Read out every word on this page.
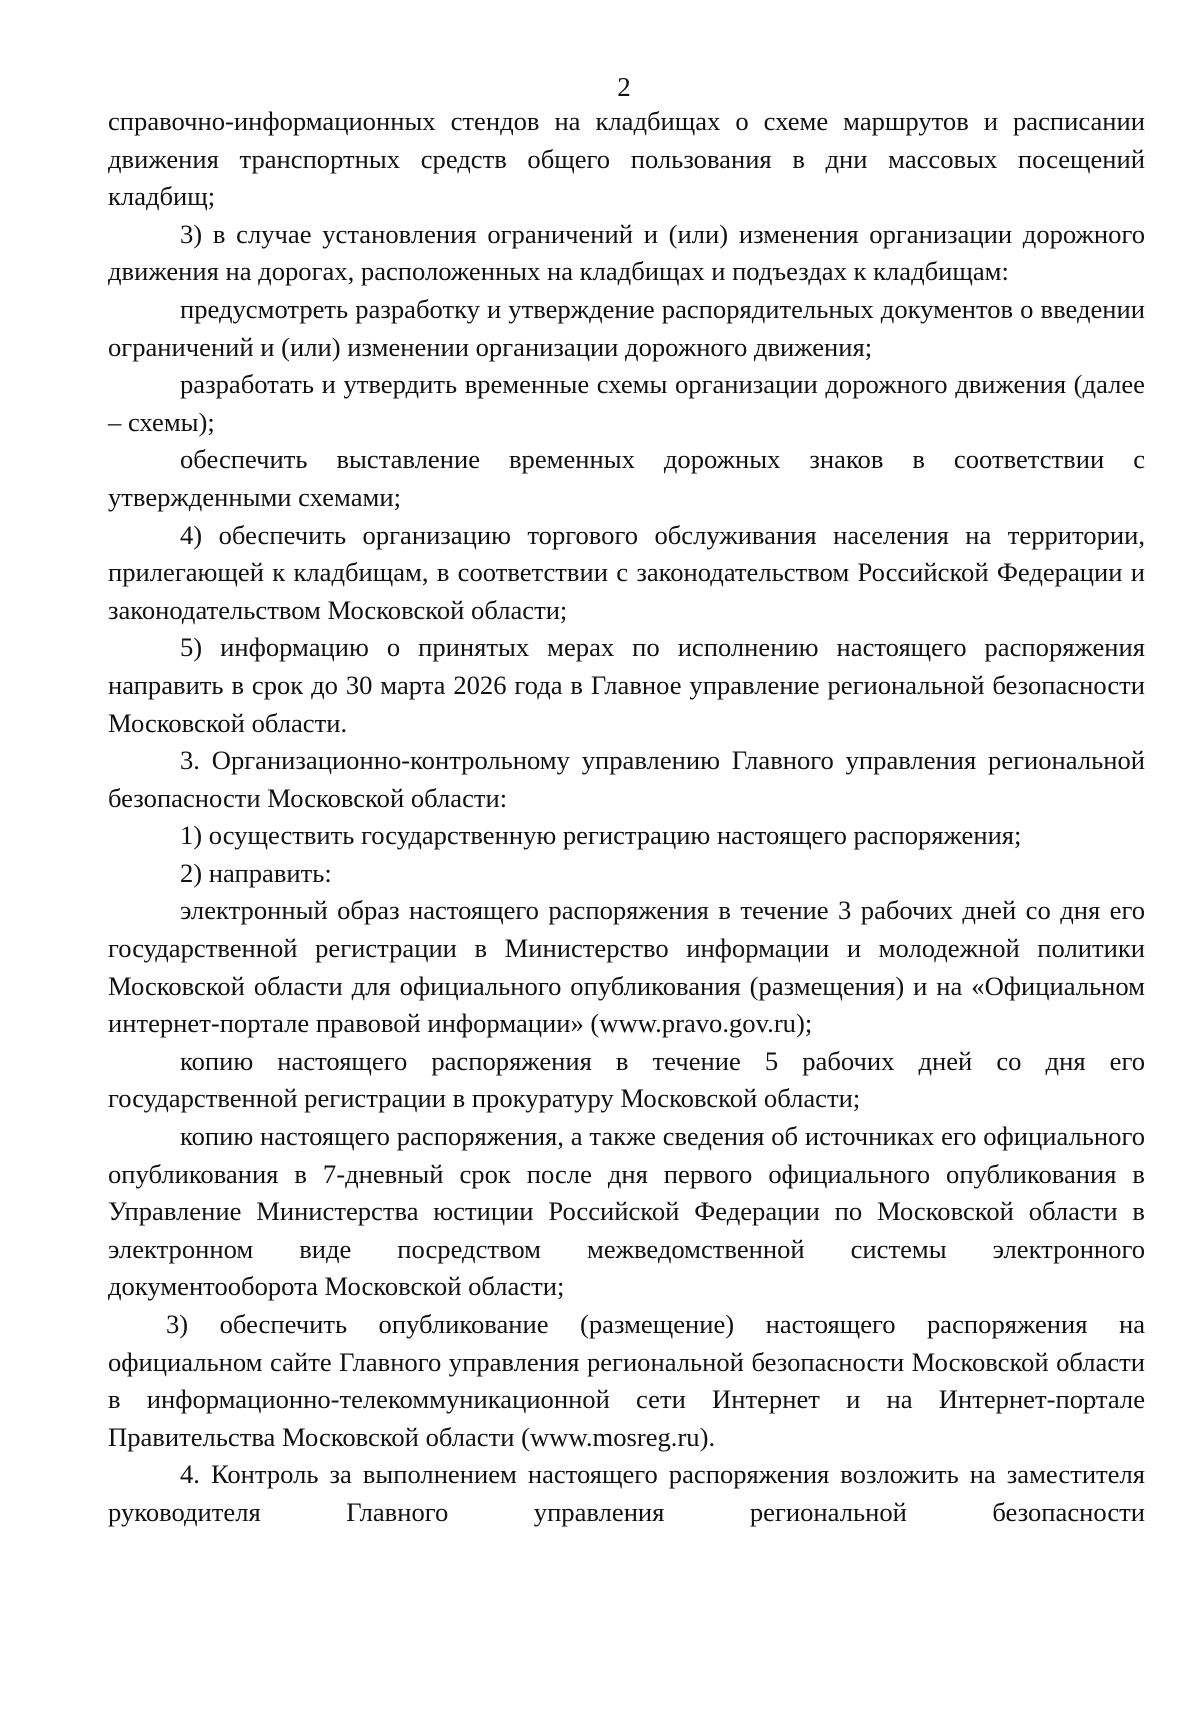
2

справочно-информационных стендов на кладбищах о схеме маршрутов и расписании движения транспортных средств общего пользования в дни массовых посещений кладбищ;

3) в случае установления ограничений и (или) изменения организации дорожного движения на дорогах, расположенных на кладбищах и подъездах к кладбищам:

предусмотреть разработку и утверждение распорядительных документов о введении ограничений и (или) изменении организации дорожного движения;

разработать и утвердить временные схемы организации дорожного движения (далее – схемы);

обеспечить выставление временных дорожных знаков в соответствии с утвержденными схемами;

4) обеспечить организацию торгового обслуживания населения на территории, прилегающей к кладбищам, в соответствии с законодательством Российской Федерации и законодательством Московской области;

5) информацию о принятых мерах по исполнению настоящего распоряжения направить в срок до 30 марта 2026 года в Главное управление региональной безопасности Московской области.

3. Организационно-контрольному управлению Главного управления региональной безопасности Московской области:

1) осуществить государственную регистрацию настоящего распоряжения;

2) направить:

электронный образ настоящего распоряжения в течение 3 рабочих дней со дня его государственной регистрации в Министерство информации и молодежной политики Московской области для официального опубликования (размещения) и на «Официальном интернет-портале правовой информации» (www.pravo.gov.ru);

копию настоящего распоряжения в течение 5 рабочих дней со дня его государственной регистрации в прокуратуру Московской области;

копию настоящего распоряжения, а также сведения об источниках его официального опубликования в 7-дневный срок после дня первого официального опубликования в Управление Министерства юстиции Российской Федерации по Московской области в электронном виде посредством межведомственной системы электронного документооборота Московской области;

3) обеспечить опубликование (размещение) настоящего распоряжения на официальном сайте Главного управления региональной безопасности Московской области в информационно-телекоммуникационной сети Интернет и на Интернет-портале Правительства Московской области (www.mosreg.ru).

4. Контроль за выполнением настоящего распоряжения возложить на заместителя руководителя Главного управления региональной безопасности
